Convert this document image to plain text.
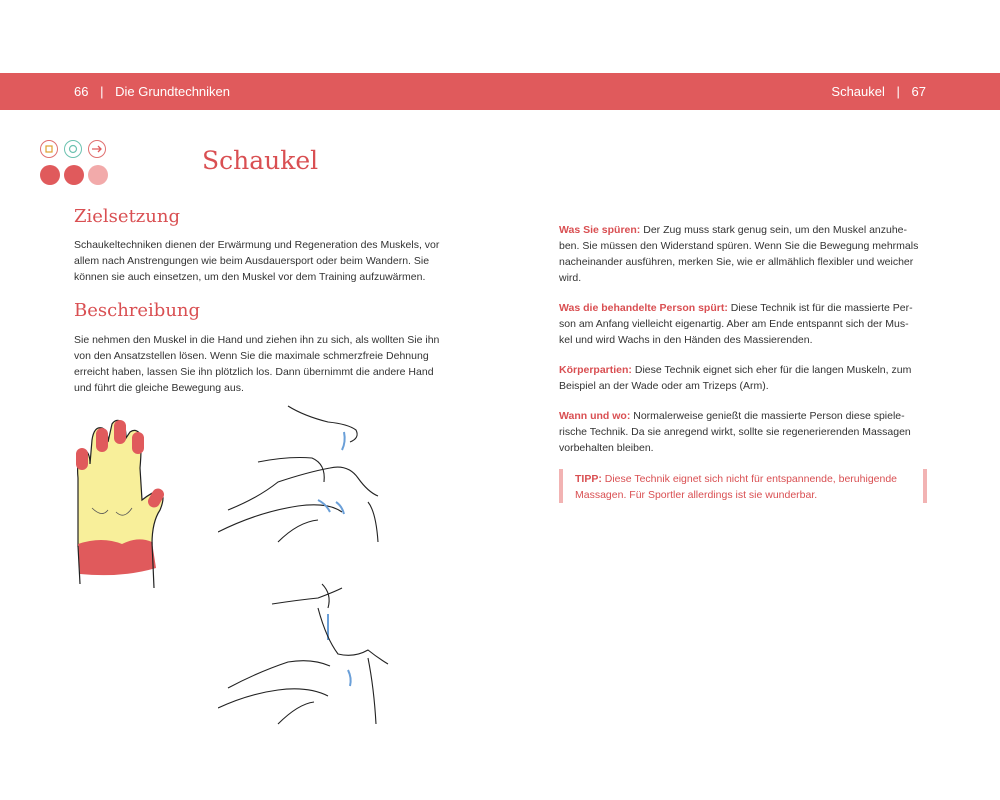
66 | Die Grundtechniken	Schaukel | 67
Schaukel
Zielsetzung

Schaukeltechniken dienen der Erwärmung und Regeneration des Muskels, vor
allem nach Anstrengungen wie beim Ausdauersport oder beim Wandern. Sie
können sie auch einsetzen, um den Muskel vor dem Training aufzuwärmen.

Beschreibung

Sie nehmen den Muskel in die Hand und ziehen ihn zu sich, als wollten Sie ihn
von den Ansatzstellen lösen. Wenn Sie die maximale schmerzfreie Dehnung
erreicht haben, lassen Sie ihn plötzlich los. Dann übernimmt die andere Hand
und führt die gleiche Bewegung aus.

Was Sie spüren: Der Zug muss stark genug sein, um den Muskel anzuhe-
ben. Sie müssen den Widerstand spüren. Wenn Sie die Bewegung mehrmals
nacheinander ausführen, merken Sie, wie er allmählich flexibler und weicher
wird.

Was die behandelte Person spürt: Diese Technik ist für die massierte Per-
son am Anfang vielleicht eigenartig. Aber am Ende entspannt sich der Mus-
kel und wird Wachs in den Händen des Massierenden.

Körperpartien: Diese Technik eignet sich eher für die langen Muskeln, zum
Beispiel an der Wade oder am Trizeps (Arm).

Wann und wo: Normalerweise genießt die massierte Person diese spiele-
rische Technik. Da sie anregend wirkt, sollte sie regenerierenden Massagen
vorbehalten bleiben.

TIPP: Diese Technik eignet sich nicht für entspannende, beruhigende
Massagen. Für Sportler allerdings ist sie wunderbar.
